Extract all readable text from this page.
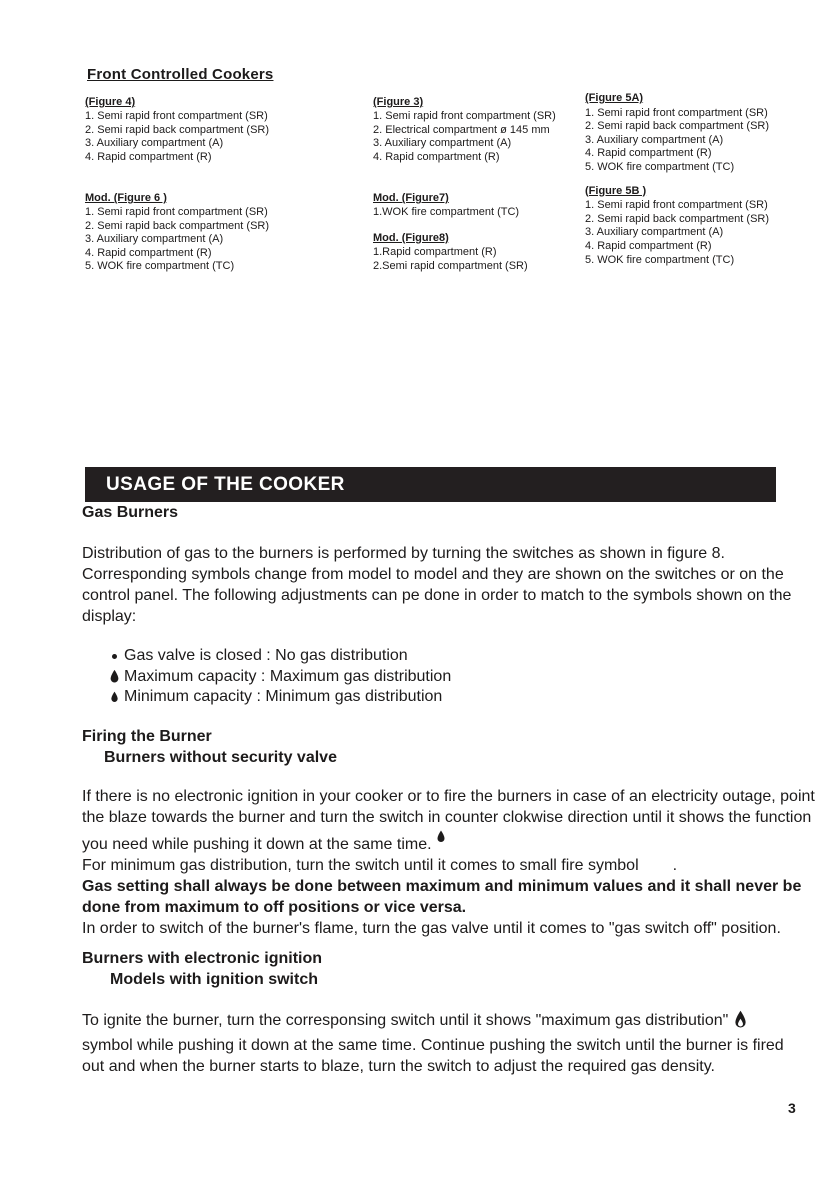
Front Controlled Cookers
(Figure 4)
1. Semi rapid front compartment (SR)
2. Semi rapid back compartment (SR)
3. Auxiliary compartment (A)
4. Rapid compartment (R)
Mod. (Figure 6 )
1. Semi rapid front compartment (SR)
2. Semi rapid back compartment (SR)
3. Auxiliary compartment (A)
4. Rapid compartment (R)
5. WOK fire compartment (TC)
(Figure 3)
1. Semi rapid front compartment (SR)
2. Electrical compartment ø 145 mm
3. Auxiliary compartment (A)
4. Rapid compartment (R)
Mod. (Figure7)
1.WOK fire compartment (TC)
Mod. (Figure8)
1.Rapid compartment (R)
2.Semi rapid compartment (SR)
(Figure 5A)
1. Semi rapid front compartment (SR)
2. Semi rapid back compartment (SR)
3. Auxiliary compartment (A)
4. Rapid compartment (R)
5. WOK fire compartment (TC)
(Figure 5B )
1. Semi rapid front compartment (SR)
2. Semi rapid back compartment (SR)
3. Auxiliary compartment (A)
4. Rapid compartment (R)
5. WOK fire compartment (TC)
USAGE OF THE COOKER
Gas Burners

Distribution of gas to the burners is performed by turning the switches as shown in figure 8. Corresponding symbols change from model to model and they are shown on the switches or on the control panel. The following adjustments can pe done in order to match to the symbols shown on the display:

Gas valve is closed : No gas distribution
Maximum capacity : Maximum gas distribution
Minimum capacity : Minimum gas distribution
Firing the Burner
Burners without security valve

If there is no electronic ignition in your cooker or to fire the burners in case of an electricity outage, point the blaze towards the burner and turn the switch in counter clokwise direction until it shows the function you need while pushing it down at the same time.
For minimum gas distribution, turn the switch until it comes to small fire symbol .
Gas setting shall always be done between maximum and minimum values and it shall never be done from maximum to off positions or vice versa.
In order to switch of the burner's flame, turn the gas valve until it comes to "gas switch off" position.

Burners with electronic ignition
Models with ignition switch

To ignite the burner, turn the corresponsing switch until it shows "maximum gas distribution"  symbol while pushing it down at the same time. Continue pushing the switch until the burner is fired out and when the burner starts to blaze, turn the switch to adjust the required gas density.

3
